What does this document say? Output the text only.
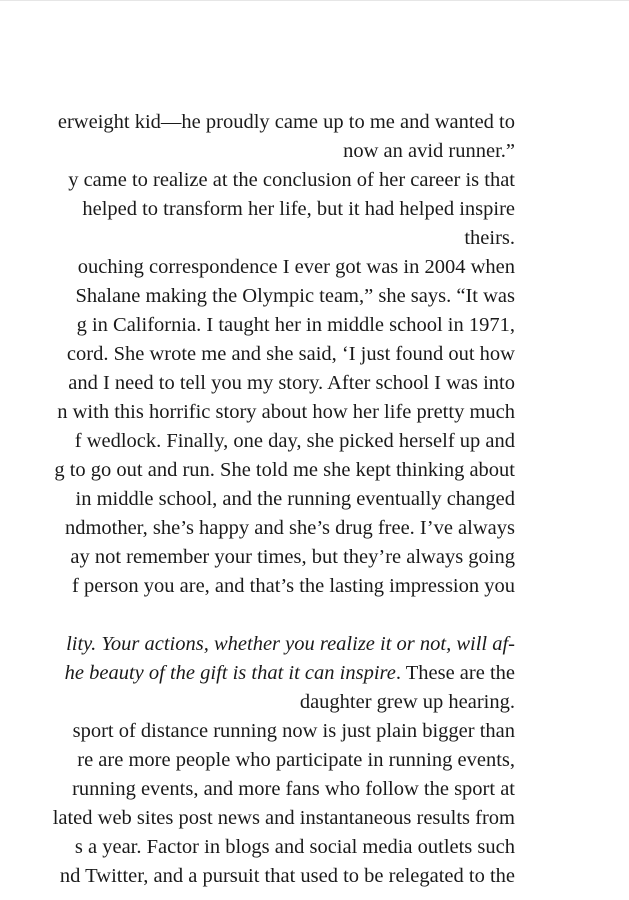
erweight kid—he proudly came up to me and wanted to
now an avid runner.”
y came to realize at the conclusion of her career is that
helped to transform her life, but it had helped inspire
theirs.
ouching correspondence I ever got was in 2004 when
Shalane making the Olympic team,” she says. “It was
g in California. I taught her in middle school in 1971,
cord. She wrote me and she said, ‘I just found out how
and I need to tell you my story. After school I was into
n with this horrific story about how her life pretty much
f wedlock. Finally, one day, she picked herself up and
g to go out and run. She told me she kept thinking about
in middle school, and the running eventually changed
ndmother, she’s happy and she’s drug free. I’ve always
ay not remember your times, but they’re always going
f person you are, and that’s the lasting impression you
lity. Your actions, whether you realize it or not, will af-
he beauty of the gift is that it can inspire. These are the
daughter grew up hearing.
sport of distance running now is just plain bigger than
re are more people who participate in running events,
running events, and more fans who follow the sport at
lated web sites post news and instantaneous results from
s a year. Factor in blogs and social media outlets such
nd Twitter, and a pursuit that used to be relegated to the
